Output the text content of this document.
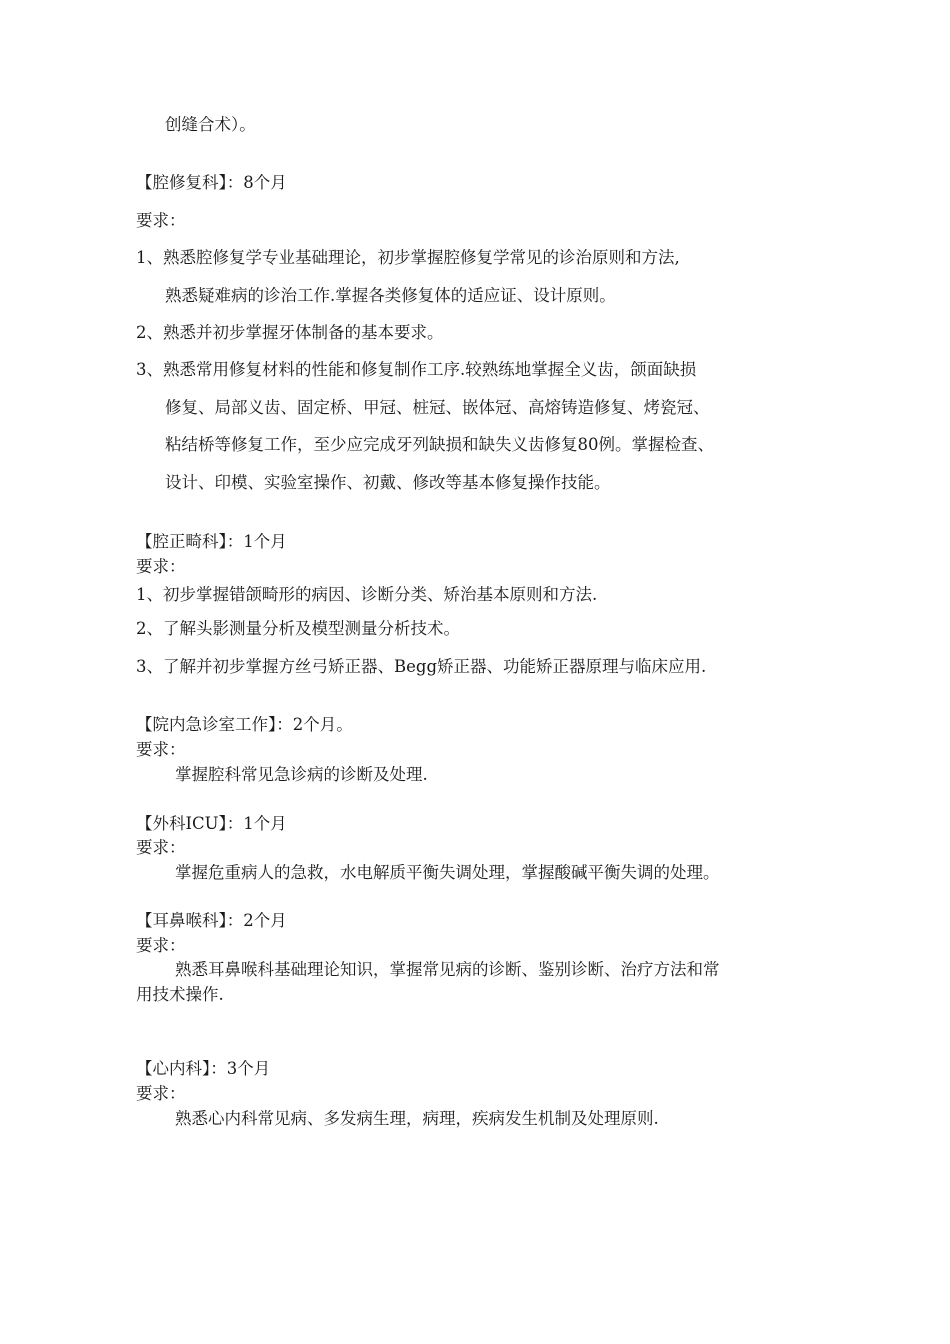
创缝合术）。
【腔修复科】：8个月
要求：
1、熟悉腔修复学专业基础理论，初步掌握腔修复学常见的诊治原则和方法,
熟悉疑难病的诊治工作.掌握各类修复体的适应证、设计原则。
2、熟悉并初步掌握牙体制备的基本要求。
3、熟悉常用修复材料的性能和修复制作工序.较熟练地掌握全义齿，颌面缺损
修复、局部义齿、固定桥、甲冠、桩冠、嵌体冠、高熔铸造修复、烤瓷冠、
粘结桥等修复工作，至少应完成牙列缺损和缺失义齿修复80例。掌握检查、
设计、印模、实验室操作、初戴、修改等基本修复操作技能。
【腔正畸科】：1个月
要求：
1、初步掌握错颌畸形的病因、诊断分类、矫治基本原则和方法.
2、了解头影测量分析及模型测量分析技术。
3、了解并初步掌握方丝弓矫正器、Begg矫正器、功能矫正器原理与临床应用.
【院内急诊室工作】：2个月。
要求：
掌握腔科常见急诊病的诊断及处理.
【外科ICU】：1个月
要求：
掌握危重病人的急救，水电解质平衡失调处理，掌握酸碱平衡失调的处理。
【耳鼻喉科】：2个月
要求：
熟悉耳鼻喉科基础理论知识，掌握常见病的诊断、鉴别诊断、治疗方法和常
用技术操作.
【心内科】：3个月
要求：
熟悉心内科常见病、多发病生理，病理，疾病发生机制及处理原则.
